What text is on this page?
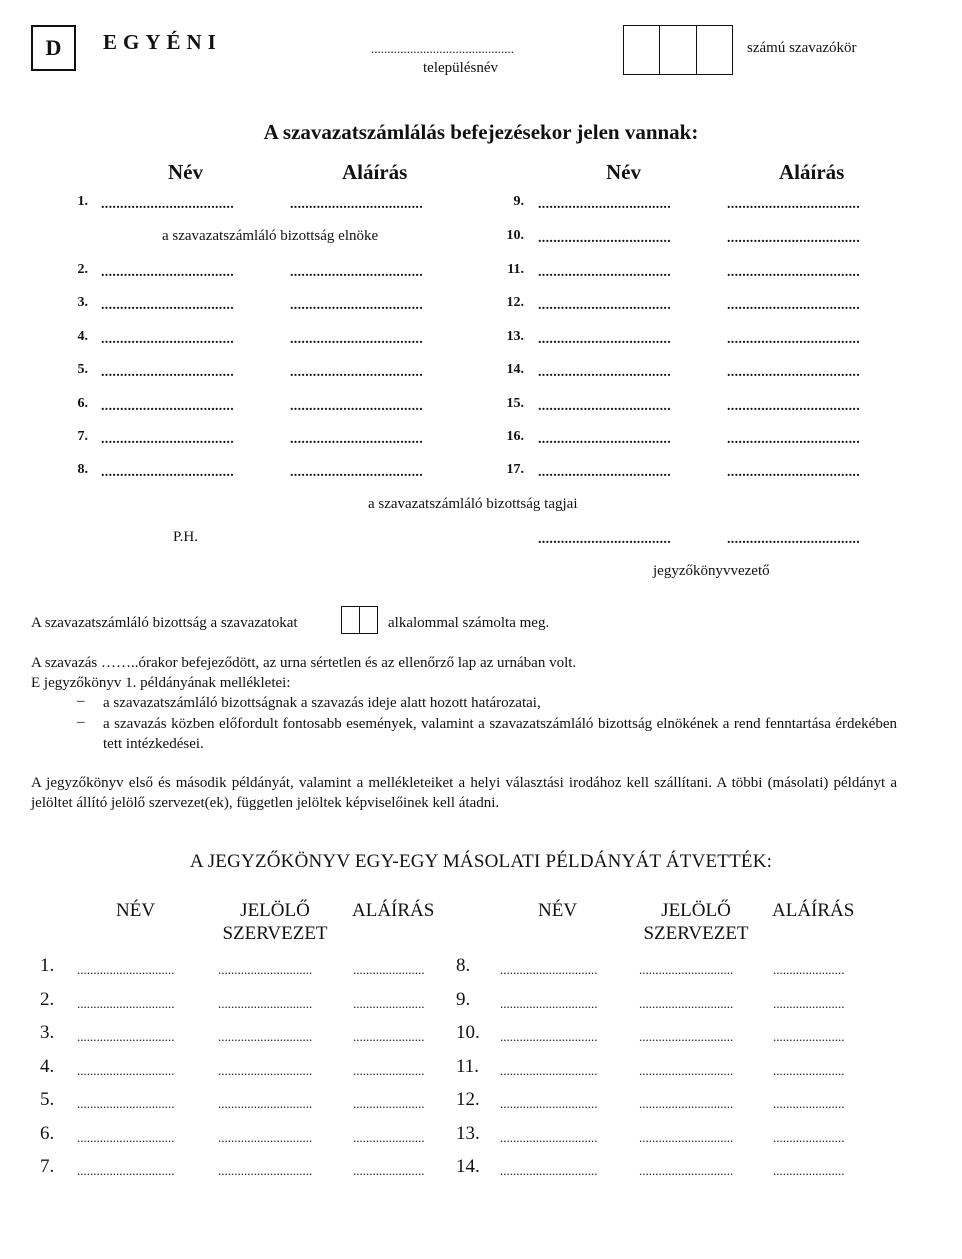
D	EGYÉNI	............................................
településnév
számú szavazókör
A szavazatszámlálás befejezésekor jelen vannak:
Név	Aláírás	Név	Aláírás
1. ...................................	...................................
2. ...................................	...................................
3. ...................................	...................................
4. ...................................	...................................
5. ...................................	...................................
6. ...................................	...................................
7. ...................................	...................................
8. ...................................	...................................
9. ...................................	...................................
10. ...................................	...................................
11. ...................................	...................................
12. ...................................	...................................
13. ...................................	...................................
14. ...................................	...................................
15. ...................................	...................................
16. ...................................	...................................
17. ...................................	...................................
a szavazatszámláló bizottság elnöke
a szavazatszámláló bizottság tagjai
P.H.	...................................	...................................
jegyzőkönyvvezető
A szavazatszámláló bizottság a szavazatokat	alkalommal számolta meg.
A szavazás ……..órakor befejeződött, az urna sértetlen és az ellenőrző lap az urnában volt.
E jegyzőkönyv 1. példányának mellékletei:
– a szavazatszámláló bizottságnak a szavazás ideje alatt hozott határozatai,
– a szavazás közben előfordult fontosabb események, valamint a szavazatszámláló bizottság elnökének a rend fenntartása érdekében tett intézkedései.
A jegyzőkönyv első és második példányát, valamint a mellékleteiket a helyi választási irodához kell szállítani. A többi (másolati) példányt a jelöltet állító jelölő szervezet(ek), független jelöltek képviselőinek kell átadni.
A JEGYZŐKÖNYV EGY-EGY MÁSOLATI PÉLDÁNYÁT ÁTVETTÉK:
NÉV	JELÖLŐ
SZERVEZET
ALÁÍRÁS	NÉV	JELÖLŐ
SZERVEZET
ALÁÍRÁS
1. ..............................	.............................	......................
2. ..............................	.............................	......................
3. ..............................	.............................	......................
4. ..............................	.............................	......................
5. ..............................	.............................	......................
6. ..............................	.............................	......................
7. ..............................	.............................	......................
8. ..............................	.............................	......................
9. ..............................	.............................	......................
10. ..............................	.............................	......................
11. ..............................	.............................	......................
12. ..............................	.............................	......................
13. ..............................	.............................	......................
14. ..............................	.............................	......................
